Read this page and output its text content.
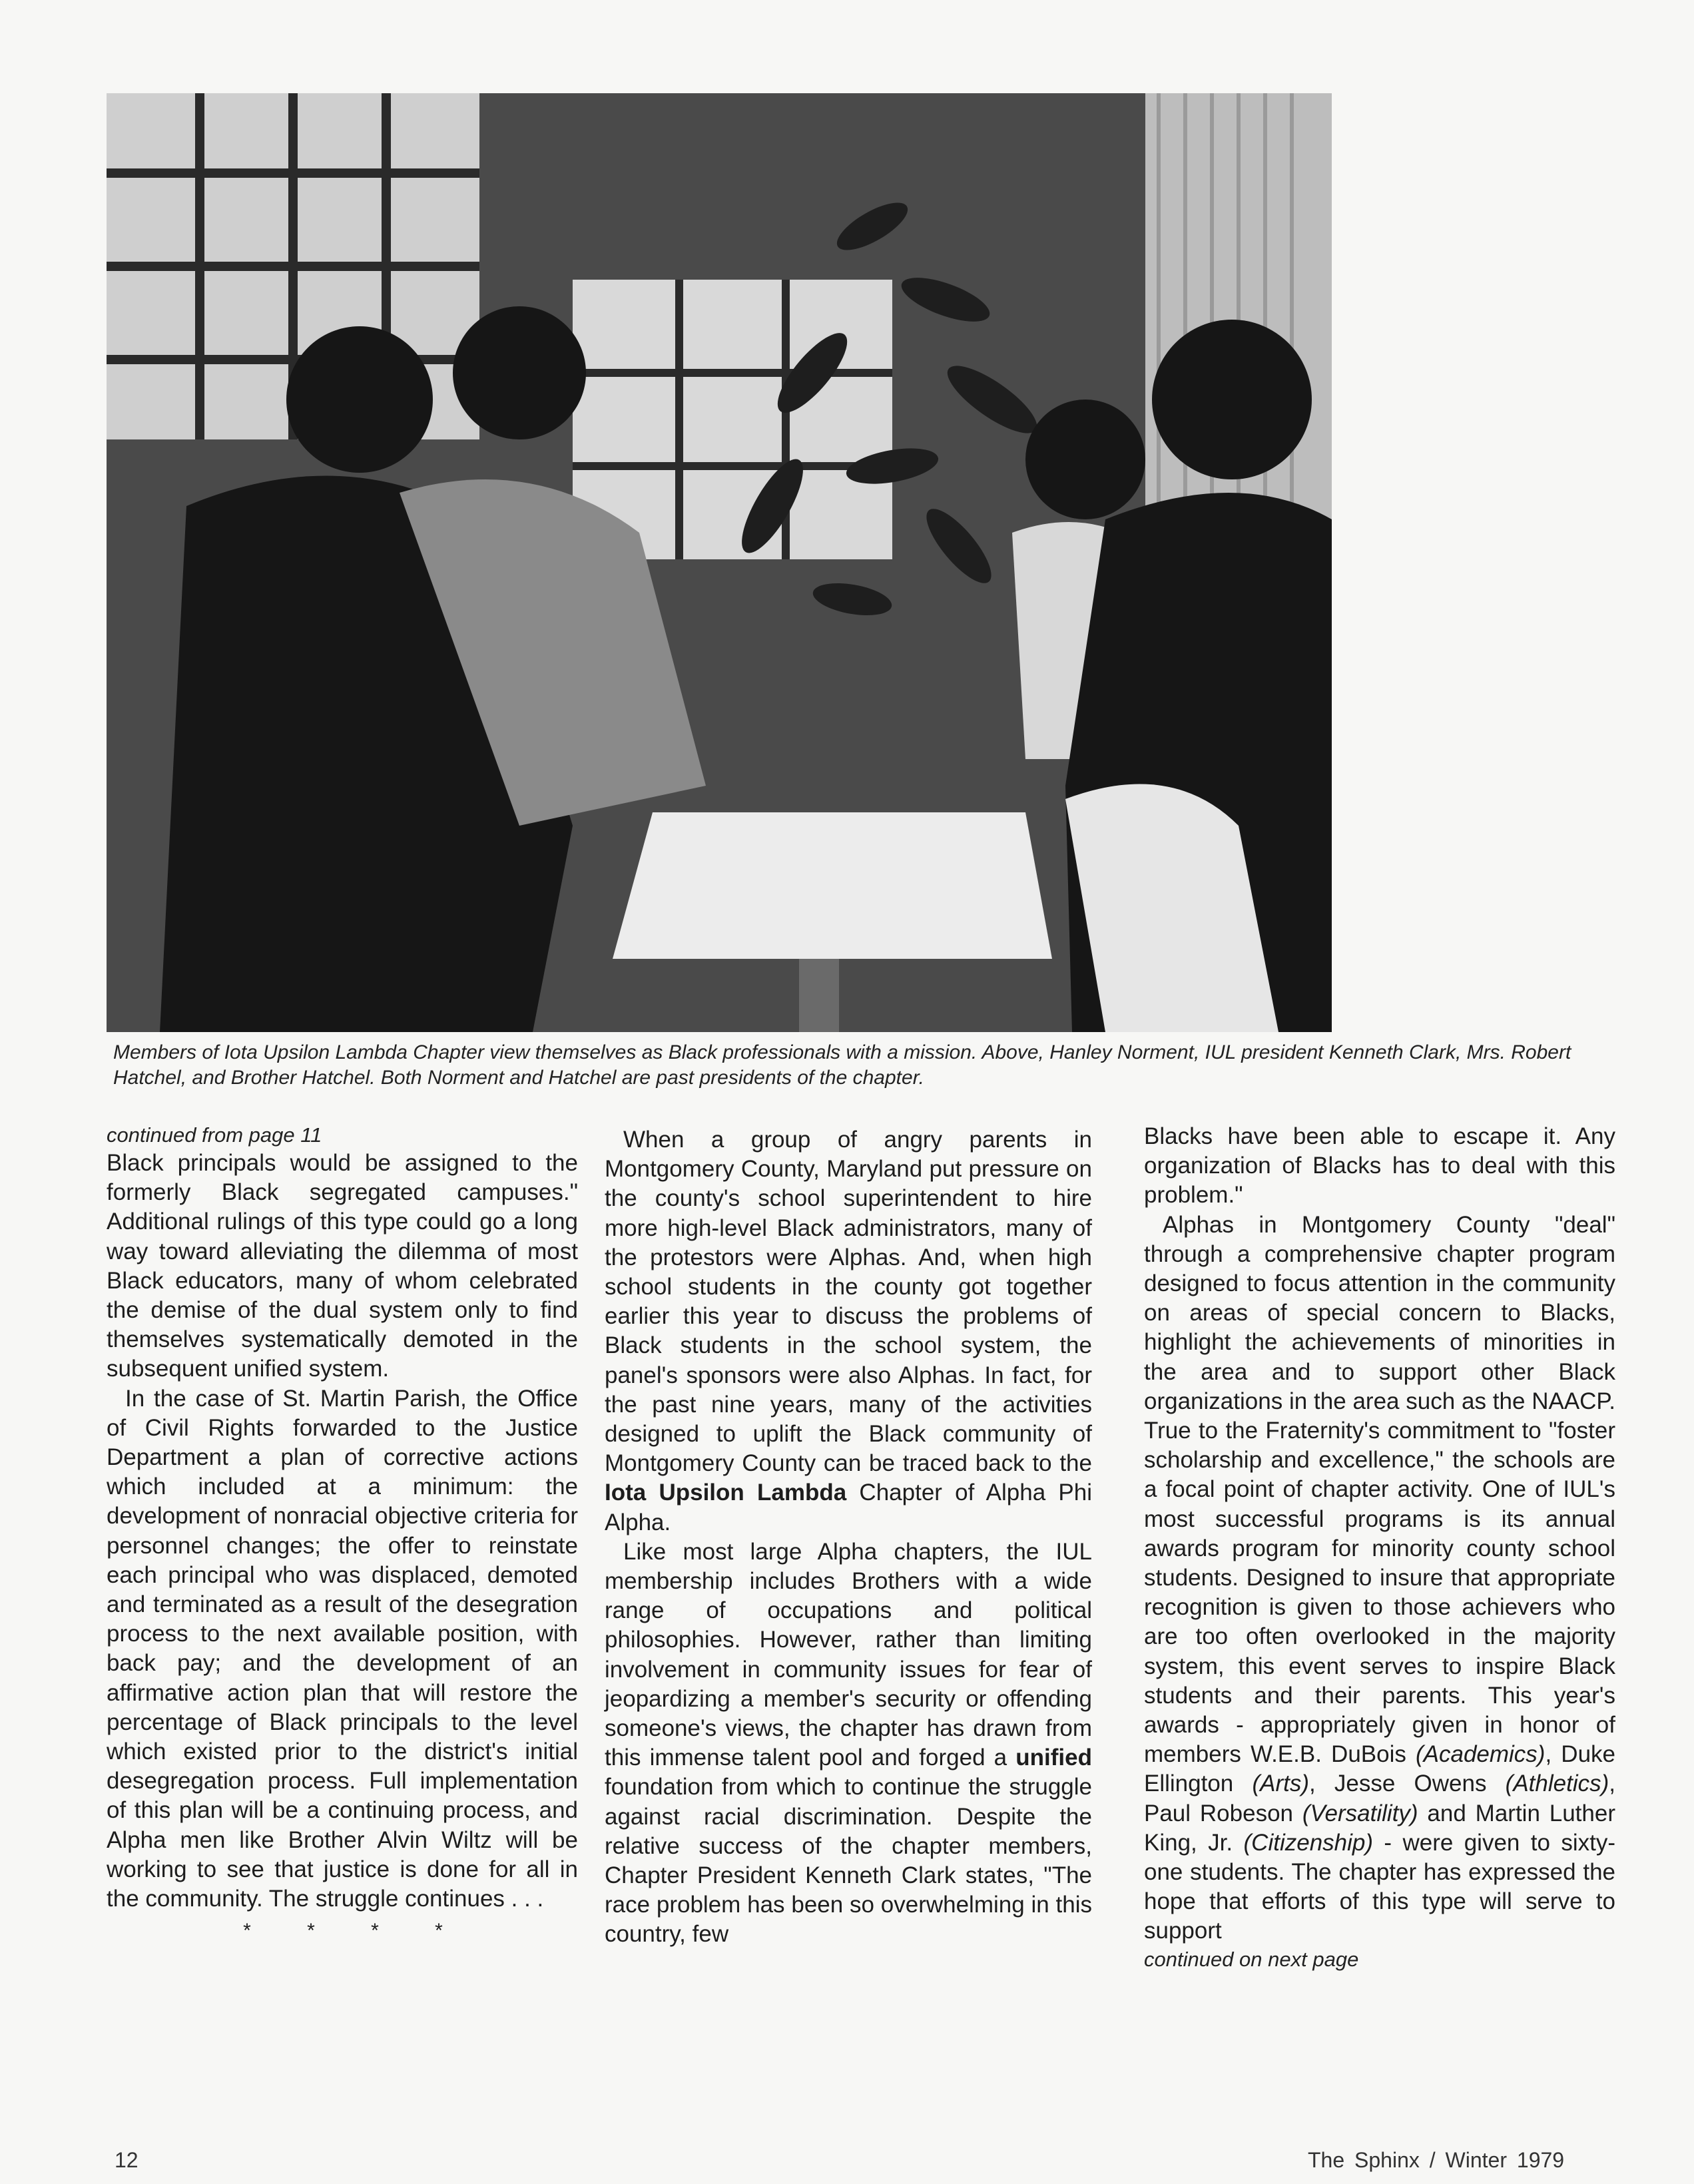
Members of Iota Upsilon Lambda Chapter view themselves as Black professionals with a mission. Above, Hanley Norment, IUL president Kenneth Clark, Mrs. Robert Hatchel, and Brother Hatchel. Both Norment and Hatchel are past presidents of the chapter.
continued from page 11

Black principals would be assigned to the formerly Black segregated campuses." Additional rulings of this type could go a long way toward alleviating the dilemma of most Black educators, many of whom celebrated the demise of the dual system only to find themselves systematically demoted in the subsequent unified system.

In the case of St. Martin Parish, the Office of Civil Rights forwarded to the Justice Department a plan of corrective actions which included at a minimum: the development of nonracial objective criteria for personnel changes; the offer to reinstate each principal who was displaced, demoted and terminated as a result of the desegration process to the next available position, with back pay; and the development of an affirmative action plan that will restore the percentage of Black principals to the level which existed prior to the district's initial desegregation process. Full implementation of this plan will be a continuing process, and Alpha men like Brother Alvin Wiltz will be working to see that justice is done for all in the community. The struggle continues . . .

* * * *

When a group of angry parents in Montgomery County, Maryland put pressure on the county's school superintendent to hire more high-level Black administrators, many of the protestors were Alphas. And, when high school students in the county got together earlier this year to discuss the problems of Black students in the school system, the panel's sponsors were also Alphas. In fact, for the past nine years, many of the activities designed to uplift the Black community of Montgomery County can be traced back to the Iota Upsilon Lambda Chapter of Alpha Phi Alpha.

Like most large Alpha chapters, the IUL membership includes Brothers with a wide range of occupations and political philosophies. However, rather than limiting involvement in community issues for fear of jeopardizing a member's security or offending someone's views, the chapter has drawn from this immense talent pool and forged a unified foundation from which to continue the struggle against racial discrimination. Despite the relative success of the chapter members, Chapter President Kenneth Clark states, "The race problem has been so overwhelming in this country, few

Blacks have been able to escape it. Any organization of Blacks has to deal with this problem."

Alphas in Montgomery County "deal" through a comprehensive chapter program designed to focus attention in the community on areas of special concern to Blacks, highlight the achievements of minorities in the area and to support other Black organizations in the area such as the NAACP. True to the Fraternity's commitment to "foster scholarship and excellence," the schools are a focal point of chapter activity. One of IUL's most successful programs is its annual awards program for minority county school students. Designed to insure that appropriate recognition is given to those achievers who are too often overlooked in the majority system, this event serves to inspire Black students and their parents. This year's awards - appropriately given in honor of members W.E.B. DuBois (Academics), Duke Ellington (Arts), Jesse Owens (Athletics), Paul Robeson (Versatility) and Martin Luther King, Jr. (Citizenship) - were given to sixty-one students. The chapter has expressed the hope that efforts of this type will serve to support

continued on next page
12	The Sphinx / Winter 1979
